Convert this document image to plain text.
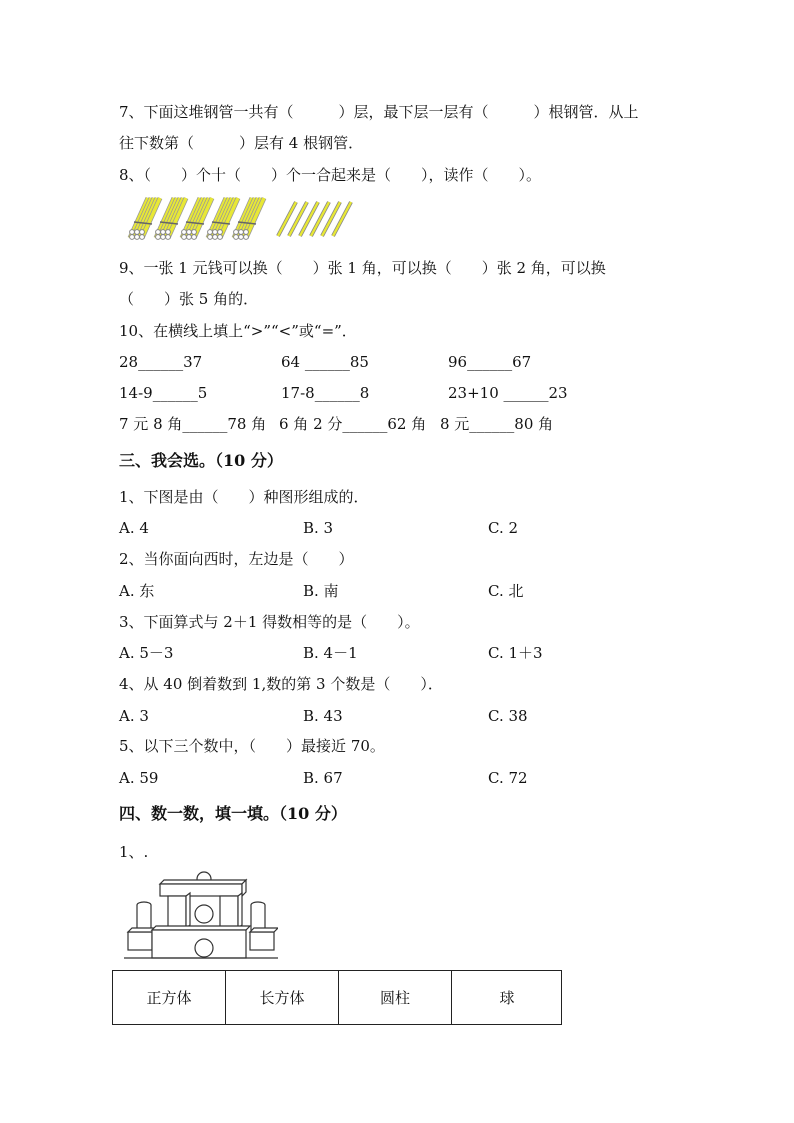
7、下面这堆钢管一共有（　　　）层，最下层一层有（　　　）根钢管．从上
往下数第（　　　）层有 4 根钢管．
8、（　　）个十（　　）个一合起来是（　　），读作（　　）。
9、一张 1 元钱可以换（　　）张 1 角，可以换（　　）张 2 角，可以换
（　　）张 5 角的．
10、在横线上填上“>”“<”或“=”．
28______37	64 ______85	96______67
14-9______5	17-8______8	23+10 ______23
7 元 8 角______78 角 6 角 2 分______62 角 8 元______80 角
三、我会选。（10 分）
1、下图是由（　　）种图形组成的．
A. 4	B. 3	C. 2
2、当你面向西时，左边是（　　）
A. 东	B. 南	C. 北
3、下面算式与 2＋1 得数相等的是（　　）。
A. 5－3	B. 4－1	C. 1＋3
4、从 40 倒着数到 1,数的第 3 个数是（　　）．
A. 3	B. 43	C. 38
5、以下三个数中，（　　）最接近 70。
A. 59	B. 67	C. 72
四、数一数，填一填。（10 分）
1、.
正方体	长方体	圆柱	球
